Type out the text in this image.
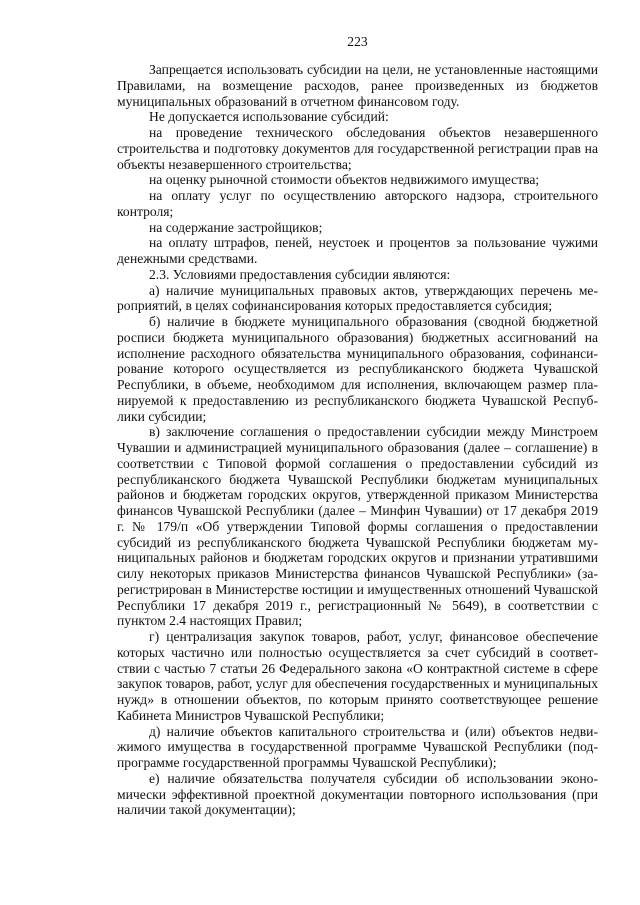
223

Запрещается использовать субсидии на цели, не установленные настоящими Правилами, на возмещение расходов, ранее произведенных из бюджетов муниципальных образований в отчетном финансовом году.

Не допускается использование субсидий:

на проведение технического обследования объектов незавершенного строительства и подготовку документов для государственной регистрации прав на объекты незавершенного строительства;

на оценку рыночной стоимости объектов недвижимого имущества;

на оплату услуг по осуществлению авторского надзора, строительного контроля;

на содержание застройщиков;

на оплату штрафов, пеней, неустоек и процентов за пользование чужими денежными средствами.

2.3. Условиями предоставления субсидии являются:

а) наличие муниципальных правовых актов, утверждающих перечень мероприятий, в целях софинансирования которых предоставляется субсидия;

б) наличие в бюджете муниципального образования (сводной бюджетной росписи бюджета муниципального образования) бюджетных ассигнований на исполнение расходного обязательства муниципального образования, софинансирование которого осуществляется из республиканского бюджета Чувашской Республики, в объеме, необходимом для исполнения, включающем размер планируемой к предоставлению из республиканского бюджета Чувашской Республики субсидии;

в) заключение соглашения о предоставлении субсидии между Минстроем Чувашии и администрацией муниципального образования (далее – соглашение) в соответствии с Типовой формой соглашения о предоставлении субсидий из республиканского бюджета Чувашской Республики бюджетам муниципальных районов и бюджетам городских округов, утвержденной приказом Министерства финансов Чувашской Республики (далее – Минфин Чувашии) от 17 декабря 2019 г. № 179/п «Об утверждении Типовой формы соглашения о предоставлении субсидий из республиканского бюджета Чувашской Республики бюджетам муниципальных районов и бюджетам городских округов и признании утратившими силу некоторых приказов Министерства финансов Чувашской Республики» (зарегистрирован в Министерстве юстиции и имущественных отношений Чувашской Республики 17 декабря 2019 г., регистрационный № 5649), в соответствии с пунктом 2.4 настоящих Правил;

г) централизация закупок товаров, работ, услуг, финансовое обеспечение которых частично или полностью осуществляется за счет субсидий в соответствии с частью 7 статьи 26 Федерального закона «О контрактной системе в сфере закупок товаров, работ, услуг для обеспечения государственных и муниципальных нужд» в отношении объектов, по которым принято соответствующее решение Кабинета Министров Чувашской Республики;

д) наличие объектов капитального строительства и (или) объектов недвижимого имущества в государственной программе Чувашской Республики (подпрограмме государственной программы Чувашской Республики);

е) наличие обязательства получателя субсидии об использовании экономически эффективной проектной документации повторного использования (при наличии такой документации);
